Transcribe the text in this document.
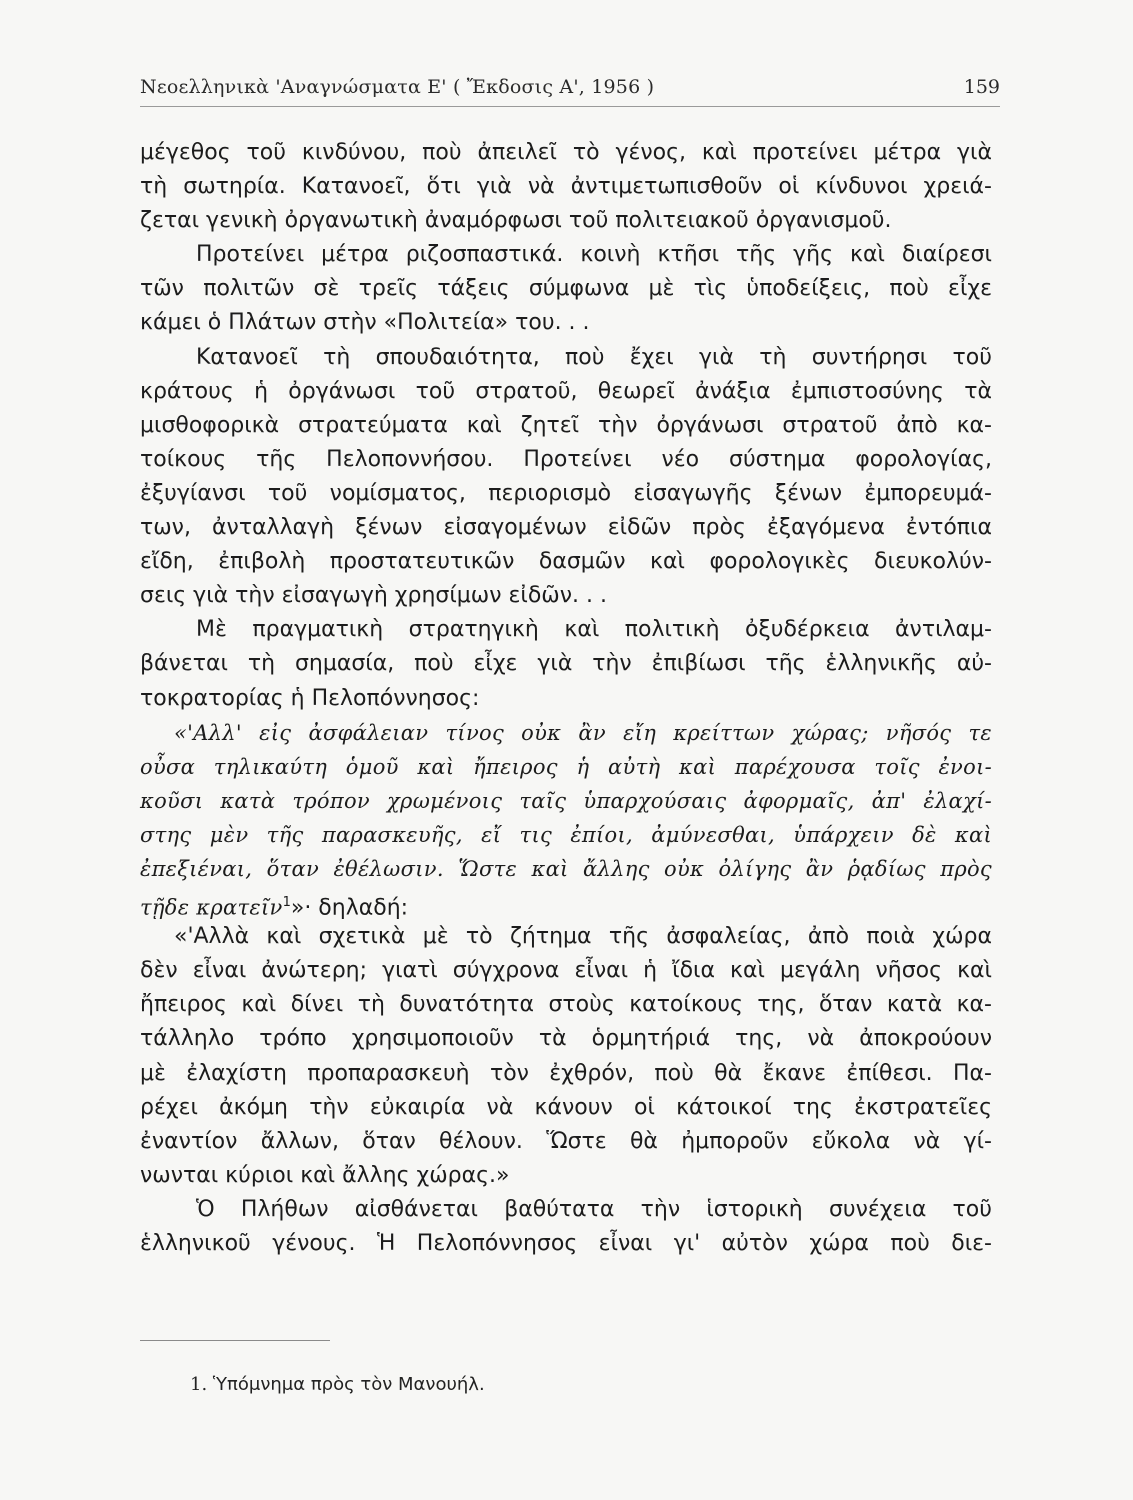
Νεοελληνικὰ 'Αναγνώσματα Ε' ( Ἔκδοσις Α', 1956 )	159
μέγεθος τοῦ κινδύνου, ποὺ ἀπειλεῖ τὸ γένος, καὶ προτείνει μέτρα γιὰ
τὴ σωτηρία. Κατανοεῖ, ὅτι γιὰ νὰ ἀντιμετωπισθοῦν οἱ κίνδυνοι χρειά-
ζεται γενικὴ ὀργανωτικὴ ἀναμόρφωσι τοῦ πολιτειακοῦ ὀργανισμοῦ.
Προτείνει μέτρα ριζοσπαστικά. κοινὴ κτῆσι τῆς γῆς καὶ διαίρεσι
τῶν πολιτῶν σὲ τρεῖς τάξεις σύμφωνα μὲ τὶς ὑποδείξεις, ποὺ εἶχε
κάμει ὁ Πλάτων στὴν «Πολιτεία» του. . .
Κατανοεῖ τὴ σπουδαιότητα, ποὺ ἔχει γιὰ τὴ συντήρησι τοῦ
κράτους ἡ ὀργάνωσι τοῦ στρατοῦ, θεωρεῖ ἀνάξια ἐμπιστοσύνης τὰ
μισθοφορικὰ στρατεύματα καὶ ζητεῖ τὴν ὀργάνωσι στρατοῦ ἀπὸ κα-
τοίκους τῆς Πελοποννήσου. Προτείνει νέο σύστημα φορολογίας,
ἐξυγίανσι τοῦ νομίσματος, περιορισμὸ εἰσαγωγῆς ξένων ἐμπορευμά-
των, ἀνταλλαγὴ ξένων εἰσαγομένων εἰδῶν πρὸς ἐξαγόμενα ἐντόπια
εἴδη, ἐπιβολὴ προστατευτικῶν δασμῶν καὶ φορολογικὲς διευκολύν-
σεις γιὰ τὴν εἰσαγωγὴ χρησίμων εἰδῶν. . .
Μὲ πραγματικὴ στρατηγικὴ καὶ πολιτικὴ ὀξυδέρκεια ἀντιλαμ-
βάνεται τὴ σημασία, ποὺ εἶχε γιὰ τὴν ἐπιβίωσι τῆς ἑλληνικῆς αὐ-
τοκρατορίας ἡ Πελοπόννησος:
«'Αλλ' εἰς ἀσφάλειαν τίνος οὐκ ἂν εἴη κρείττων χώρας; νῆσός τε
οὖσα τηλικαύτη ὁμοῦ καὶ ἤπειρος ἡ αὐτὴ καὶ παρέχουσα τοῖς ἐνοι-
κοῦσι κατὰ τρόπον χρωμένοις ταῖς ὑπαρχούσαις ἀφορμαῖς, ἀπ' ἐλαχί-
στης μὲν τῆς παρασκευῆς, εἴ τις ἐπίοι, ἀμύνεσθαι, ὑπάρχειν δὲ καὶ
ἐπεξιέναι, ὅταν ἐθέλωσιν. Ὥστε καὶ ἄλλης οὐκ ὀλίγης ἂν ῥᾳδίως πρὸς
τῇδε κρατεῖν$^1$»· δηλαδή:
«'Αλλὰ καὶ σχετικὰ μὲ τὸ ζήτημα τῆς ἀσφαλείας, ἀπὸ ποιὰ χώρα
δὲν εἶναι ἀνώτερη; γιατὶ σύγχρονα εἶναι ἡ ἴδια καὶ μεγάλη νῆσος καὶ
ἤπειρος καὶ δίνει τὴ δυνατότητα στοὺς κατοίκους της, ὅταν κατὰ κα-
τάλληλο τρόπο χρησιμοποιοῦν τὰ ὁρμητήριά της, νὰ ἀποκρούουν
μὲ ἐλαχίστη προπαρασκευὴ τὸν ἐχθρόν, ποὺ θὰ ἔκανε ἐπίθεσι. Πα-
ρέχει ἀκόμη τὴν εὐκαιρία νὰ κάνουν οἱ κάτοικοί της ἐκστρατεῖες
ἐναντίον ἄλλων, ὅταν θέλουν. Ὥστε θὰ ἠμποροῦν εὔκολα νὰ γί-
νωνται κύριοι καὶ ἄλλης χώρας.»
Ὁ Πλήθων αἰσθάνεται βαθύτατα τὴν ἱστορικὴ συνέχεια τοῦ
ἑλληνικοῦ γένους. Ἡ Πελοπόννησος εἶναι γι' αὐτὸν χώρα ποὺ διε-
1. Ὑπόμνημα πρὸς τὸν Μανουήλ.
